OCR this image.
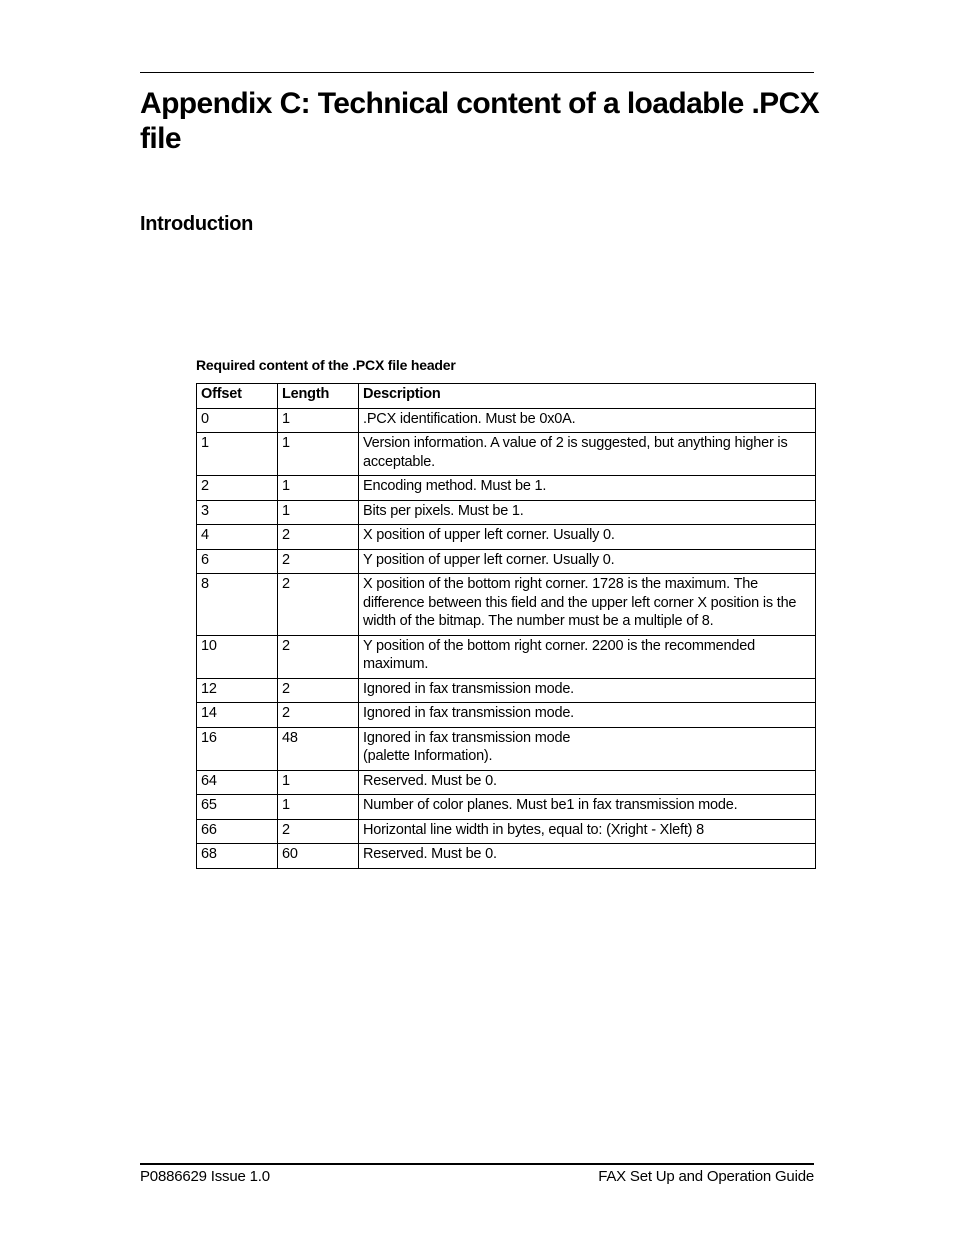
Appendix C: Technical content of a loadable .PCX file
Introduction
Required content of the .PCX file header
Offset	Length	Description
0	1	.PCX identification. Must be 0x0A.
1	1	Version information. A value of 2 is suggested, but anything higher is acceptable.
2	1	Encoding method. Must be 1.
3	1	Bits per pixels. Must be 1.
4	2	X position of upper left corner. Usually 0.
6	2	Y position of upper left corner. Usually 0.
8	2	X position of the bottom right corner. 1728 is the maximum. The difference between this field and the upper left corner X position is the width of the bitmap. The number must be a multiple of 8.
10	2	Y position of the bottom right corner. 2200 is the recommended maximum.
12	2	Ignored in fax transmission mode.
14	2	Ignored in fax transmission mode.
16	48	Ignored in fax transmission mode
(palette Information).
64	1	Reserved. Must be 0.
65	1	Number of color planes. Must be1 in fax transmission mode.
66	2	Horizontal line width in bytes, equal to: (Xright - Xleft) 8
68	60	Reserved. Must be 0.
P0886629 Issue 1.0	FAX Set Up and Operation Guide
